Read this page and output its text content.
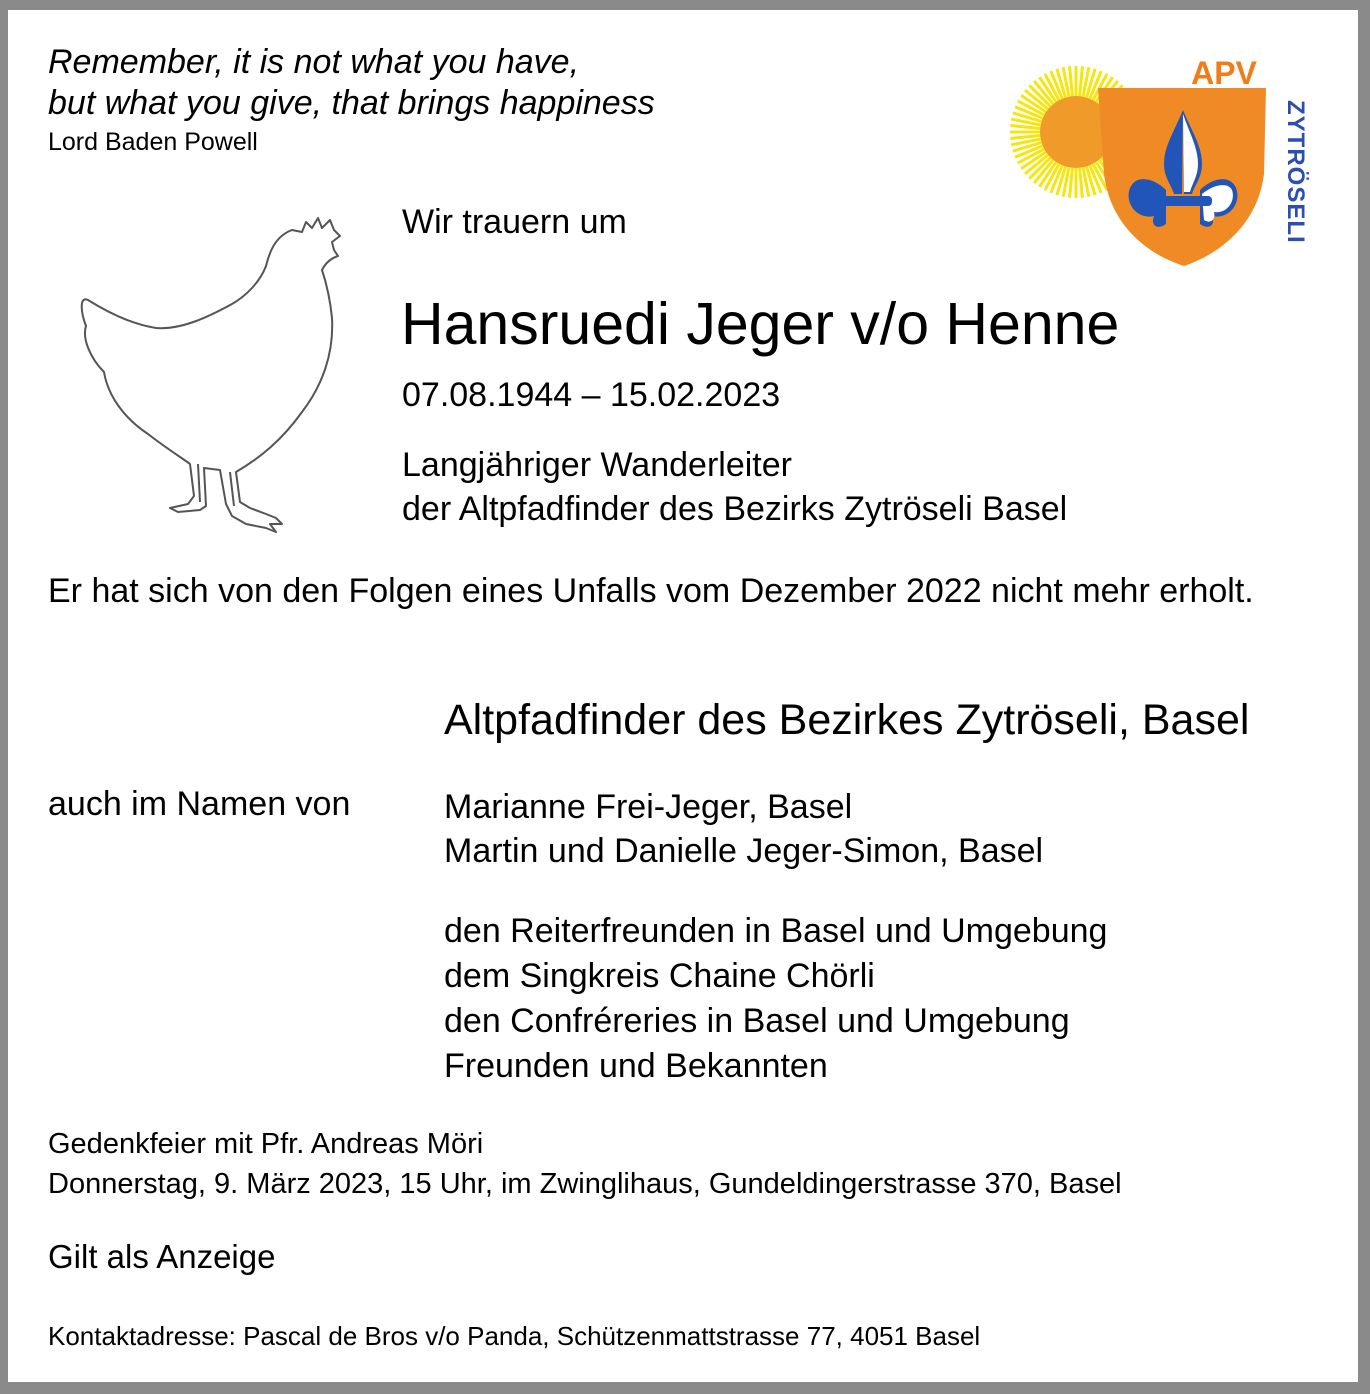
Remember, it is not what you have,
but what you give, that brings happiness

Lord Baden Powell

APV
ZYTRÖSELI

Wir trauern um

Hansruedi Jeger v/o Henne

07.08.1944 – 15.02.2023

Langjähriger Wanderleiter
der Altpfadfinder des Bezirks Zytröseli Basel

Er hat sich von den Folgen eines Unfalls vom Dezember 2022 nicht mehr erholt.

Altpfadfinder des Bezirkes Zytröseli, Basel

auch im Namen von	Marianne Frei-Jeger, Basel
Martin und Danielle Jeger-Simon, Basel

den Reiterfreunden in Basel und Umgebung
dem Singkreis Chaine Chörli
den Confréreries in Basel und Umgebung
Freunden und Bekannten

Gedenkfeier mit Pfr. Andreas Möri
Donnerstag, 9. März 2023, 15 Uhr, im Zwinglihaus, Gundeldingerstrasse 370, Basel

Gilt als Anzeige

Kontaktadresse: Pascal de Bros v/o Panda, Schützenmattstrasse 77, 4051 Basel
